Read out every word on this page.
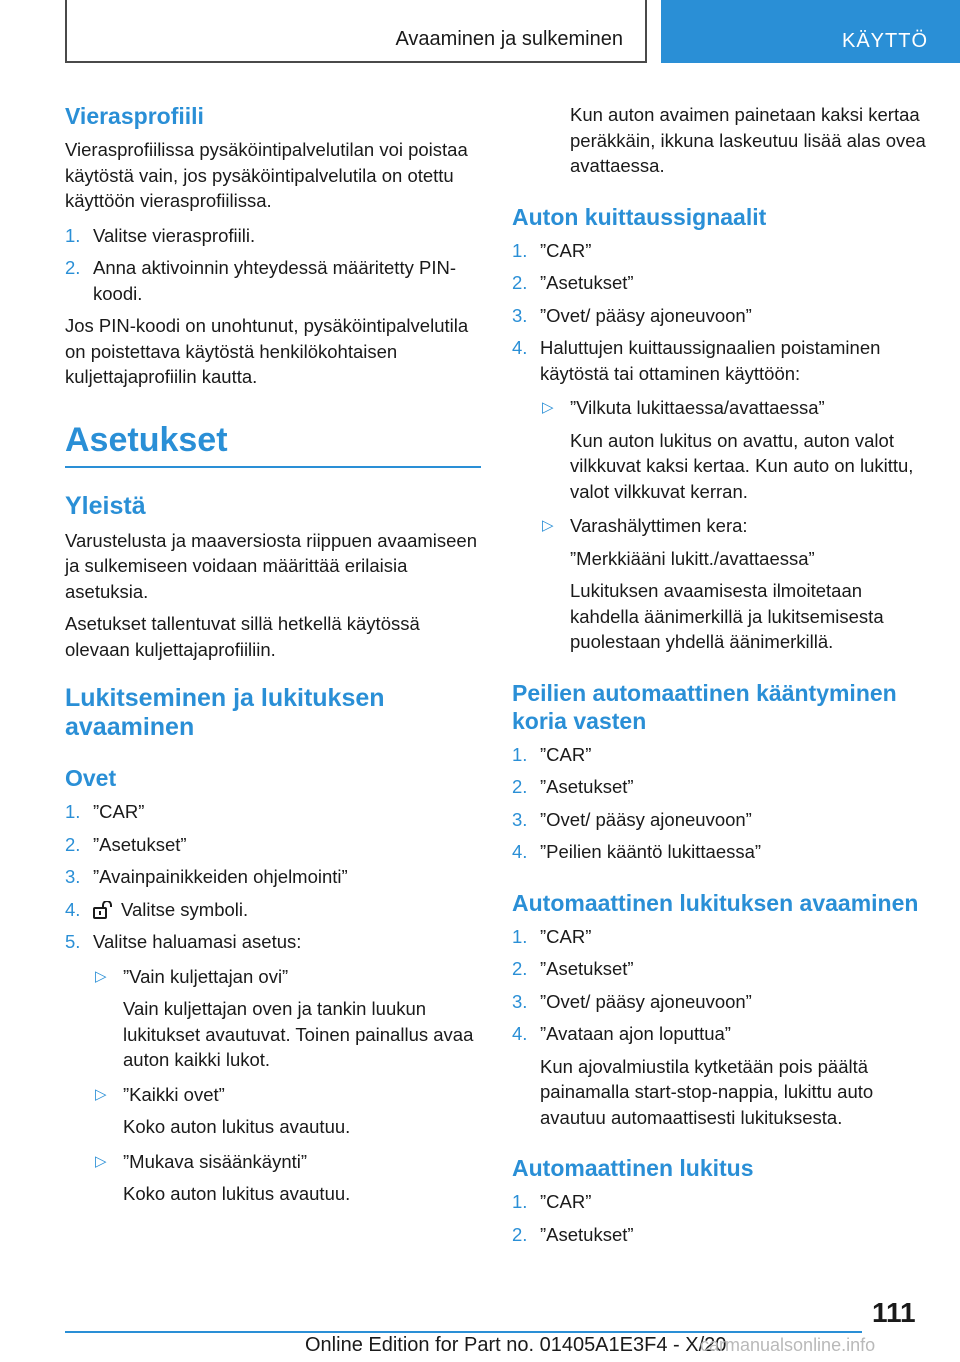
Avaaminen ja sulkeminen	KÄYTTÖ
Vierasprofiili

Vierasprofiilissa pysäköintipalvelutilan voi poistaa käytöstä vain, jos pysäköintipalvelutila on otettu käyttöön vierasprofiilissa.

1. Valitse vierasprofiili.
2. Anna aktivoinnin yhteydessä määritetty PIN-koodi.

Jos PIN-koodi on unohtunut, pysäköintipalvelutila on poistettava käytöstä henkilökohtaisen kuljettajaprofiilin kautta.

Asetukset
Yleistä

Varustelusta ja maaversiosta riippuen avaamiseen ja sulkemiseen voidaan määrittää erilaisia asetuksia.

Asetukset tallentuvat sillä hetkellä käytössä olevaan kuljettajaprofiiliin.

Lukitseminen ja lukituksen avaaminen
Ovet
1. ”CAR”
2. ”Asetukset”
3. ”Avainpainikkeiden ohjelmointi”
4. Valitse symboli.
5. Valitse haluamasi asetus:
▷ ”Vain kuljettajan ovi”
Vain kuljettajan oven ja tankin luukun lukitukset avautuvat. Toinen painallus avaa auton kaikki lukot.
▷ ”Kaikki ovet”
Koko auton lukitus avautuu.
▷ ”Mukava sisäänkäynti”
Koko auton lukitus avautuu.
Kun auton avaimen painetaan kaksi kertaa peräkkäin, ikkuna laskeutuu lisää alas ovea avattaessa.
Auton kuittaussignaalit
1. ”CAR”
2. ”Asetukset”
3. ”Ovet/ pääsy ajoneuvoon”
4. Haluttujen kuittaussignaalien poistaminen käytöstä tai ottaminen käyttöön:
▷ ”Vilkuta lukittaessa/avattaessa”
Kun auton lukitus on avattu, auton valot vilkkuvat kaksi kertaa. Kun auto on lukittu, valot vilkkuvat kerran.
▷ Varashälyttimen kera:
”Merkkiääni lukitt./avattaessa”
Lukituksen avaamisesta ilmoitetaan kahdella äänimerkillä ja lukitsemisesta puolestaan yhdellä äänimerkillä.
Peilien automaattinen kääntyminen koria vasten
1. ”CAR”
2. ”Asetukset”
3. ”Ovet/ pääsy ajoneuvoon”
4. ”Peilien kääntö lukittaessa”
Automaattinen lukituksen avaaminen
1. ”CAR”
2. ”Asetukset”
3. ”Ovet/ pääsy ajoneuvoon”
4. ”Avataan ajon loputtua”
Kun ajovalmiustila kytketään pois päältä painamalla start-stop-nappia, lukittu auto avautuu automaattisesti lukituksesta.
Automaattinen lukitus
1. ”CAR”
2. ”Asetukset”
111
Online Edition for Part no. 01405A1E3F4 - X/20
carmanualsonline.info
